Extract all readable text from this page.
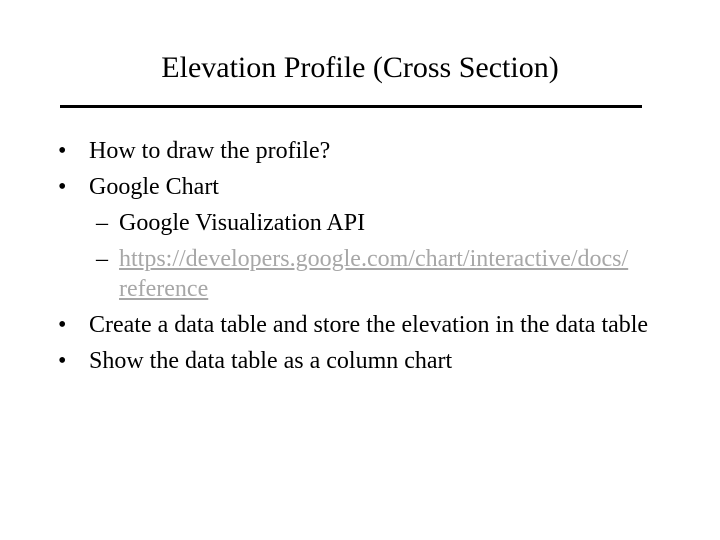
Elevation Profile (Cross Section)
• How to draw the profile?
• Google Chart
– Google Visualization API
– https://developers.google.com/chart/interactive/docs/reference
• Create a data table and store the elevation in the data table
• Show the data table as a column chart
